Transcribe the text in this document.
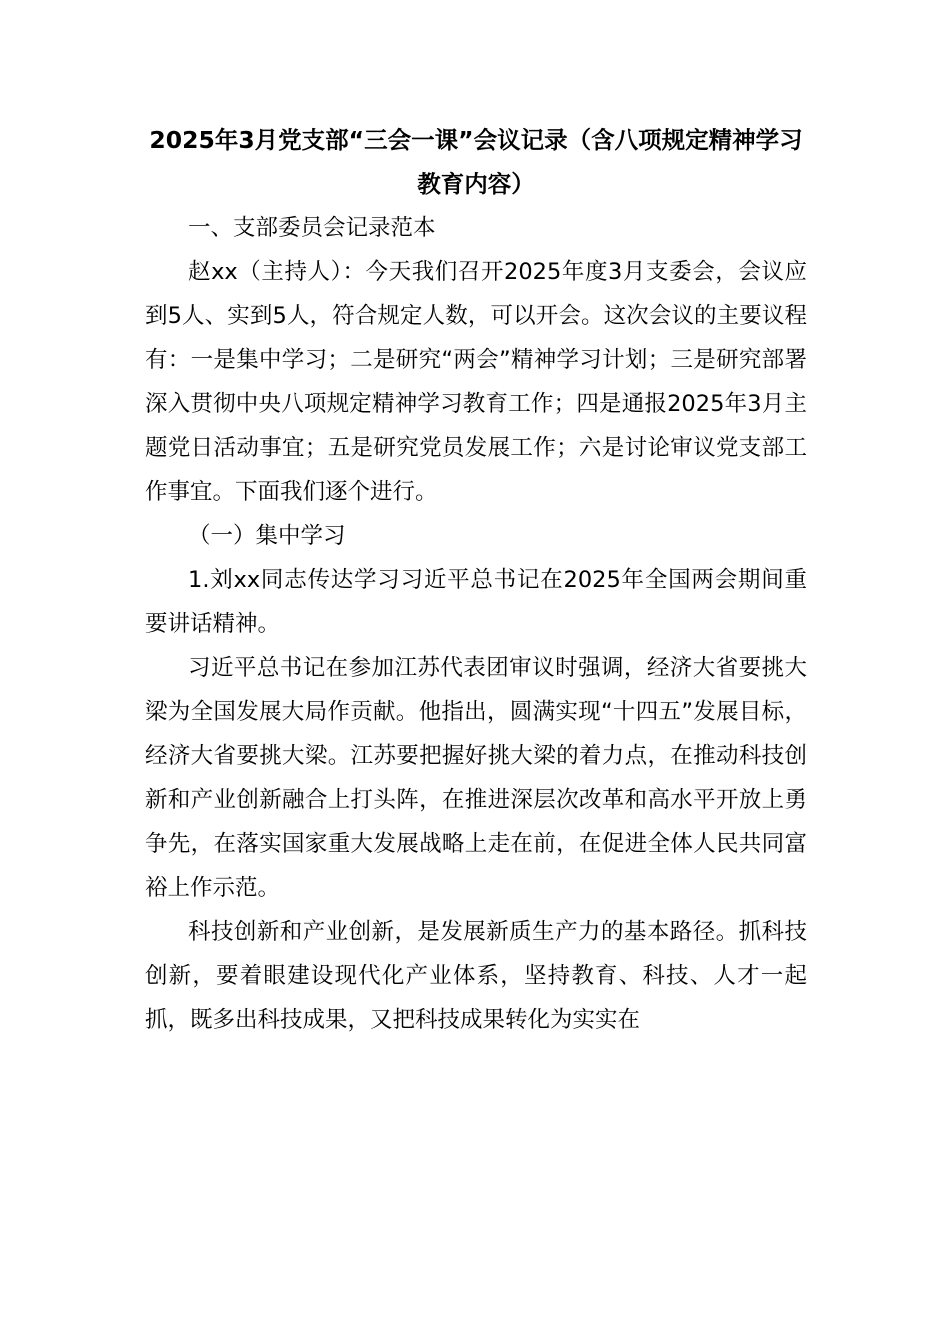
2025年3月党支部“三会一课”会议记录（含八项规定精神学习教育内容）

一、支部委员会记录范本

赵xx（主持人）：今天我们召开2025年度3月支委会，会议应到5人、实到5人，符合规定人数，可以开会。这次会议的主要议程有：一是集中学习；二是研究“两会”精神学习计划；三是研究部署深入贯彻中央八项规定精神学习教育工作；四是通报2025年3月主题党日活动事宜；五是研究党员发展工作；六是讨论审议党支部工作事宜。下面我们逐个进行。

（一）集中学习

1.刘xx同志传达学习习近平总书记在2025年全国两会期间重要讲话精神。

习近平总书记在参加江苏代表团审议时强调，经济大省要挑大梁为全国发展大局作贡献。他指出，圆满实现“十四五”发展目标，经济大省要挑大梁。江苏要把握好挑大梁的着力点，在推动科技创新和产业创新融合上打头阵，在推进深层次改革和高水平开放上勇争先，在落实国家重大发展战略上走在前，在促进全体人民共同富裕上作示范。

科技创新和产业创新，是发展新质生产力的基本路径。抓科技创新，要着眼建设现代化产业体系，坚持教育、科技、人才一起抓，既多出科技成果，又把科技成果转化为实实在
